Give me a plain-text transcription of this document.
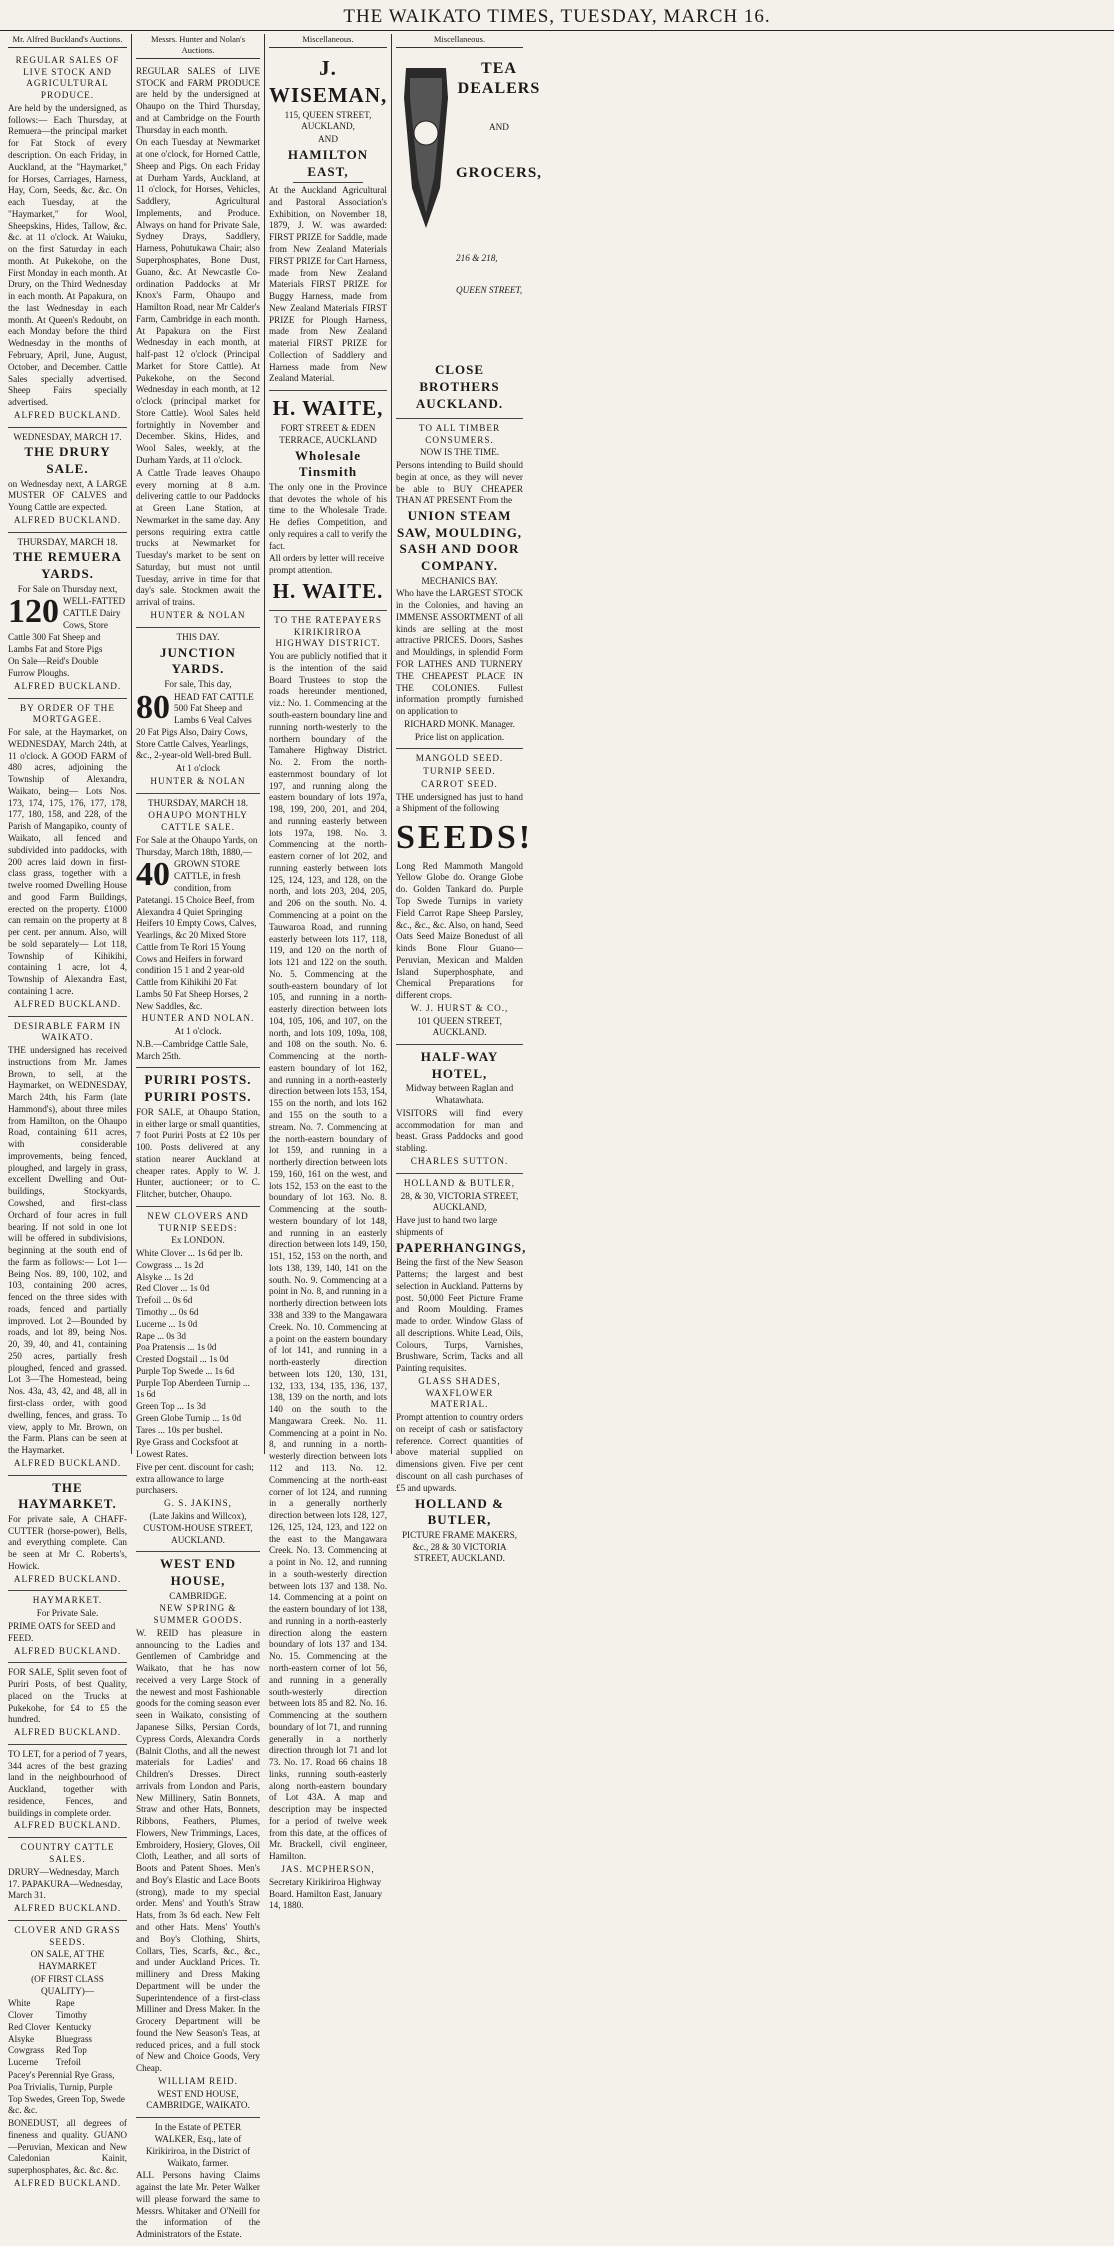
THE WAIKATO TIMES, TUESDAY, MARCH 16.
Mr. Alfred Buckland's Auctions.

REGULAR SALES OF LIVE STOCK AND AGRICULTURAL PRODUCE.

Are held by the undersigned, as follows:— Each Thursday, at Remuera—the principal market for Fat Stock of every description. On each Friday, in Auckland, at the "Haymarket," for Horses, Carriages, Harness, Hay, Corn, Seeds, &c. &c. On each Tuesday, at the "Haymarket," for Wool, Sheepskins, Hides, Tallow, &c. &c. at 11 o'clock. At Waiuku, on the first Saturday in each month. At Pukekohe, on the First Monday in each month. At Drury, on the Third Wednesday in each month. At Papakura, on the last Wednesday in each month. At Queen's Redoubt, on each Monday before the third Wednesday in the months of February, April, June, August, October, and December. Cattle Sales specially advertised. Sheep Fairs specially advertised.

ALFRED BUCKLAND.

WEDNESDAY, MARCH 17.

THE DRURY SALE.

on Wednesday next, A LARGE MUSTER OF CALVES and Young Cattle are expected.

ALFRED BUCKLAND.

THURSDAY, MARCH 18.

THE REMUERA YARDS.

For Sale on Thursday next,

120 WELL-FATTED CATTLE Dairy Cows, Store Cattle 300 Fat Sheep and Lambs Fat and Store Pigs

On Sale—Reid's Double Furrow Ploughs.

ALFRED BUCKLAND.

BY ORDER OF THE MORTGAGEE.

For sale, at the Haymarket, on WEDNESDAY, March 24th, at 11 o'clock. A GOOD FARM of 480 acres, adjoining the Township of Alexandra, Waikato, being— Lots Nos. 173, 174, 175, 176, 177, 178, 177, 180, 158, and 228, of the Parish of Mangapiko, county of Waikato, all fenced and subdivided into paddocks, with 200 acres laid down in first-class grass, together with a twelve roomed Dwelling House and good Farm Buildings, erected on the property. £1000 can remain on the property at 8 per cent. per annum. Also, will be sold separately— Lot 118, Township of Kihikihi, containing 1 acre, lot 4, Township of Alexandra East, containing 1 acre.

ALFRED BUCKLAND.

DESIRABLE FARM IN WAIKATO.

THE undersigned has received instructions from Mr. James Brown, to sell, at the Haymarket, on WEDNESDAY, March 24th, his Farm (late Hammond's), about three miles from Hamilton, on the Ohaupo Road, containing 611 acres, with considerable improvements, being fenced, ploughed, and largely in grass, excellent Dwelling and Out-buildings, Stockyards, Cowshed, and first-class Orchard of four acres in full bearing. If not sold in one lot will be offered in subdivisions, beginning at the south end of the farm as follows:— Lot 1—Being Nos. 89, 100, 102, and 103, containing 200 acres, fenced on the three sides with roads, fenced and partially improved. Lot 2—Bounded by roads, and lot 89, being Nos. 20, 39, 40, and 41, containing 250 acres, partially fresh ploughed, fenced and grassed. Lot 3—The Homestead, being Nos. 43a, 43, 42, and 48, all in first-class order, with good dwelling, fences, and grass. To view, apply to Mr. Brown, on the Farm. Plans can be seen at the Haymarket.

ALFRED BUCKLAND.

THE HAYMARKET.

For private sale, A CHAFF-CUTTER (horse-power), Bells, and everything complete. Can be seen at Mr C. Roberts's, Howick.

ALFRED BUCKLAND.

HAYMARKET.

For Private Sale.

PRIME OATS for SEED and FEED.

ALFRED BUCKLAND.

FOR SALE, Split seven foot of Puriri Posts, of best Quality, placed on the Trucks at Pukekohe, for £4 to £5 the hundred.

ALFRED BUCKLAND.

TO LET, for a period of 7 years, 344 acres of the best grazing land in the neighbourhood of Auckland, together with residence, Fences, and buildings in complete order.

ALFRED BUCKLAND.

COUNTRY CATTLE SALES.

DRURY—Wednesday, March 17. PAPAKURA—Wednesday, March 31.

ALFRED BUCKLAND.

CLOVER AND GRASS SEEDS.

ON SALE, AT THE HAYMARKET

(OF FIRST CLASS QUALITY)—

White Clover
Red Clover
Alsyke
Cowgrass
Lucerne
Rape
Timothy
Kentucky Bluegrass
Red Top
Trefoil

Pacey's Perennial Rye Grass, Poa Trivialis, Turnip, Purple Top Swedes, Green Top, Swede &c. &c.

BONEDUST, all degrees of fineness and quality. GUANO—Peruvian, Mexican and New Caledonian Kainit, superphosphates, &c. &c. &c.

ALFRED BUCKLAND.

Messrs. Hunter and Nolan's Auctions.

REGULAR SALES of LIVE STOCK and FARM PRODUCE are held by the undersigned at Ohaupo on the Third Thursday, and at Cambridge on the Fourth Thursday in each month.

On each Tuesday at Newmarket at one o'clock, for Horned Cattle, Sheep and Pigs. On each Friday at Durham Yards, Auckland, at 11 o'clock, for Horses, Vehicles, Saddlery, Agricultural Implements, and Produce. Always on hand for Private Sale, Sydney Drays, Saddlery, Harness, Pohutukawa Chair; also Superphosphates, Bone Dust, Guano, &c. At Newcastle Co-ordination Paddocks at Mr Knox's Farm, Ohaupo and Hamilton Road, near Mr Calder's Farm, Cambridge in each month. At Papakura on the First Wednesday in each month, at half-past 12 o'clock (Principal Market for Store Cattle). At Pukekohe, on the Second Wednesday in each month, at 12 o'clock (principal market for Store Cattle). Wool Sales held fortnightly in November and December. Skins, Hides, and Wool Sales, weekly, at the Durham Yards, at 11 o'clock.

A Cattle Trade leaves Ohaupo every morning at 8 a.m. delivering cattle to our Paddocks at Green Lane Station, at Newmarket in the same day. Any persons requiring extra cattle trucks at Newmarket for Tuesday's market to be sent on Saturday, but must not until Tuesday, arrive in time for that day's sale. Stockmen await the arrival of trains.

HUNTER & NOLAN

THIS DAY.

JUNCTION YARDS.

For sale, This day,

80 HEAD FAT CATTLE 500 Fat Sheep and Lambs 6 Veal Calves 20 Fat Pigs Also, Dairy Cows, Store Cattle Calves, Yearlings, &c., 2-year-old Well-bred Bull.

At 1 o'clock

HUNTER & NOLAN

THURSDAY, MARCH 18.

OHAUPO MONTHLY CATTLE SALE.

For Sale at the Ohaupo Yards, on Thursday, March 18th, 1880,—

40 GROWN STORE CATTLE, in fresh condition, from Patetangi. 15 Choice Beef, from Alexandra 4 Quiet Springing Heifers 10 Empty Cows, Calves, Yearlings, &c 20 Mixed Store Cattle from Te Rori 15 Young Cows and Heifers in forward condition 15 1 and 2 year-old Cattle from Kihikihi 20 Fat Lambs 50 Fat Sheep Horses, 2 New Saddles, &c.

HUNTER AND NOLAN.

At 1 o'clock.

N.B.—Cambridge Cattle Sale, March 25th.

PURIRI POSTS. PURIRI POSTS.

FOR SALE, at Ohaupo Station, in either large or small quantities, 7 foot Puriri Posts at £2 10s per 100. Posts delivered at any station nearer Auckland at cheaper rates. Apply to W. J. Hunter, auctioneer; or to C. Flitcher, butcher, Ohaupo.

NEW CLOVERS AND TURNIP SEEDS:

Ex LONDON.

White Clover ... 1s 6d per lb.
Cowgrass ... 1s 2d
Alsyke ... 1s 2d
Red Clover ... 1s 0d
Trefoil ... 0s 6d
Timothy ... 0s 6d
Lucerne ... 1s 0d
Rape ... 0s 3d
Poa Pratensis ... 1s 0d
Crested Dogstail ... 1s 0d
Purple Top Swede ... 1s 6d
Purple Top Aberdeen Turnip ... 1s 6d
Green Top ... 1s 3d
Green Globe Turnip ... 1s 0d
Tares ... 10s per bushel.

Rye Grass and Cocksfoot at Lowest Rates.

Five per cent. discount for cash; extra allowance to large purchasers.

G. S. JAKINS,

(Late Jakins and Willcox), CUSTOM-HOUSE STREET, AUCKLAND.

WEST END HOUSE,

CAMBRIDGE.

NEW SPRING & SUMMER GOODS.

W. REID has pleasure in announcing to the Ladies and Gentlemen of Cambridge and Waikato, that he has now received a very Large Stock of the newest and most Fashionable goods for the coming season ever seen in Waikato, consisting of Japanese Silks, Persian Cords, Cypress Cords, Alexandra Cords (Balnit Cloths, and all the newest materials for Ladies' and Children's Dresses. Direct arrivals from London and Paris, New Millinery, Satin Bonnets, Straw and other Hats, Bonnets, Ribbons, Feathers, Plumes, Flowers, New Trimmings, Laces, Embroidery, Hosiery, Gloves, Oil Cloth, Leather, and all sorts of Boots and Patent Shoes. Men's and Boy's Elastic and Lace Boots (strong), made to my special order. Mens' and Youth's Straw Hats, from 3s 6d each. New Felt and other Hats. Mens' Youth's and Boy's Clothing, Shirts, Collars, Ties, Scarfs, &c., &c., and under Auckland Prices. Tr. millinery and Dress Making Department will be under the Superintendence of a first-class Milliner and Dress Maker. In the Grocery Department will be found the New Season's Teas, at reduced prices, and a full stock of New and Choice Goods, Very Cheap.

WILLIAM REID.

WEST END HOUSE, CAMBRIDGE, WAIKATO.

In the Estate of PETER WALKER, Esq., late of Kirikiriroa, in the District of Waikato, farmer.

ALL Persons having Claims against the late Mr. Peter Walker will please forward the same to Messrs. Whitaker and O'Neill for the information of the Administrators of the Estate.

Miscellaneous.

J. WISEMAN,

115, QUEEN STREET, AUCKLAND,

AND

HAMILTON EAST,

At the Auckland Agricultural and Pastoral Association's Exhibition, on November 18, 1879, J. W. was awarded: FIRST PRIZE for Saddle, made from New Zealand Materials FIRST PRIZE for Cart Harness, made from New Zealand Materials FIRST PRIZE for Buggy Harness, made from New Zealand Materials FIRST PRIZE for Plough Harness, made from New Zealand material FIRST PRIZE for Collection of Saddlery and Harness made from New Zealand Material.

H. WAITE,

FORT STREET & EDEN TERRACE, AUCKLAND

Wholesale Tinsmith

The only one in the Province that devotes the whole of his time to the Wholesale Trade. He defies Competition, and only requires a call to verify the fact.

All orders by letter will receive prompt attention.

H. WAITE.

TO THE RATEPAYERS KIRIKIRIROA HIGHWAY DISTRICT.

You are publicly notified that it is the intention of the said Board Trustees to stop the roads hereunder mentioned, viz.: No. 1. Commencing at the south-eastern boundary line and running north-westerly to the northern boundary of the Tamahere Highway District. No. 2. From the north-easternmost boundary of lot 197, and running along the eastern boundary of lots 197a, 198, 199, 200, 201, and 204, and running easterly between lots 197a, 198. No. 3. Commencing at the north-eastern corner of lot 202, and running easterly between lots 125, 124, 123, and 128, on the north, and lots 203, 204, 205, and 206 on the south. No. 4. Commencing at a point on the Tauwaroa Road, and running easterly between lots 117, 118, 119, and 120 on the north of lots 121 and 122 on the south. No. 5. Commencing at the south-eastern boundary of lot 105, and running in a north-easterly direction between lots 104, 105, 106, and 107, on the north, and lots 109, 109a, 108, and 108 on the south. No. 6. Commencing at the north-eastern boundary of lot 162, and running in a north-easterly direction between lots 153, 154, 155 on the north, and lots 162 and 155 on the south to a stream. No. 7. Commencing at the north-eastern boundary of lot 159, and running in a northerly direction between lots 159, 160, 161 on the west, and lots 152, 153 on the east to the boundary of lot 163. No. 8. Commencing at the south-western boundary of lot 148, and running in an easterly direction between lots 149, 150, 151, 152, 153 on the north, and lots 138, 139, 140, 141 on the south. No. 9. Commencing at a point in No. 8, and running in a northerly direction between lots 338 and 339 to the Mangawara Creek. No. 10. Commencing at a point on the eastern boundary of lot 141, and running in a north-easterly direction between lots 120, 130, 131, 132, 133, 134, 135, 136, 137, 138, 139 on the north, and lots 140 on the south to the Mangawara Creek. No. 11. Commencing at a point in No. 8, and running in a north-westerly direction between lots 112 and 113. No. 12. Commencing at the north-east corner of lot 124, and running in a generally northerly direction between lots 128, 127, 126, 125, 124, 123, and 122 on the east to the Mangawara Creek. No. 13. Commencing at a point in No. 12, and running in a south-westerly direction between lots 137 and 138. No. 14. Commencing at a point on the eastern boundary of lot 138, and running in a north-easterly direction along the eastern boundary of lots 137 and 134. No. 15. Commencing at the north-eastern corner of lot 56, and running in a generally south-westerly direction between lots 85 and 82. No. 16. Commencing at the southern boundary of lot 71, and running generally in a northerly direction through lot 71 and lot 73. No. 17. Road 66 chains 18 links, running south-easterly along north-eastern boundary of Lot 43A. A map and description may be inspected for a period of twelve week from this date, at the offices of Mr. Brackell, civil engineer, Hamilton.

JAS. MCPHERSON,

Secretary Kirikiriroa Highway Board. Hamilton East, January 14, 1880.

Miscellaneous.

TEA DEALERS

AND

GROCERS,

216 & 218,

QUEEN STREET,

CLOSE BROTHERS

AUCKLAND.

TO ALL TIMBER CONSUMERS.

NOW IS THE TIME.

Persons intending to Build should begin at once, as they will never be able to BUY CHEAPER THAN AT PRESENT From the

UNION STEAM SAW, MOULDING, SASH AND DOOR COMPANY.

MECHANICS BAY.

Who have the LARGEST STOCK in the Colonies, and having an IMMENSE ASSORTMENT of all kinds are selling at the most attractive PRICES. Doors, Sashes and Mouldings, in splendid Form FOR LATHES AND TURNERY THE CHEAPEST PLACE IN THE COLONIES. Fullest information promptly furnished on application to

RICHARD MONK. Manager.

Price list on application.

MANGOLD SEED.

TURNIP SEED.

CARROT SEED.

THE undersigned has just to hand a Shipment of the following

SEEDS!

Long Red Mammoth Mangold Yellow Globe do. Orange Globe do. Golden Tankard do. Purple Top Swede Turnips in variety Field Carrot Rape Sheep Parsley, &c., &c., &c. Also, on hand, Seed Oats Seed Maize Bonedust of all kinds Bone Flour Guano—Peruvian, Mexican and Malden Island Superphosphate, and Chemical Preparations for different crops.

W. J. HURST & CO.,

101 QUEEN STREET, AUCKLAND.

HALF-WAY HOTEL,

Midway between Raglan and Whatawhata.

VISITORS will find every accommodation for man and beast. Grass Paddocks and good stabling.

CHARLES SUTTON.

HOLLAND & BUTLER,

28, & 30, VICTORIA STREET, AUCKLAND,

Have just to hand two large shipments of

PAPERHANGINGS,

Being the first of the New Season Patterns; the largest and best selection in Auckland. Patterns by post. 50,000 Feet Picture Frame and Room Moulding. Frames made to order. Window Glass of all descriptions. White Lead, Oils, Colours, Turps, Varnishes, Brushware, Scrim, Tacks and all Painting requisites.

GLASS SHADES, WAXFLOWER MATERIAL.

Prompt attention to country orders on receipt of cash or satisfactory reference. Correct quantities of above material supplied on dimensions given. Five per cent discount on all cash purchases of £5 and upwards.

HOLLAND & BUTLER,

PICTURE FRAME MAKERS, &c., 28 & 30 VICTORIA STREET, AUCKLAND.
